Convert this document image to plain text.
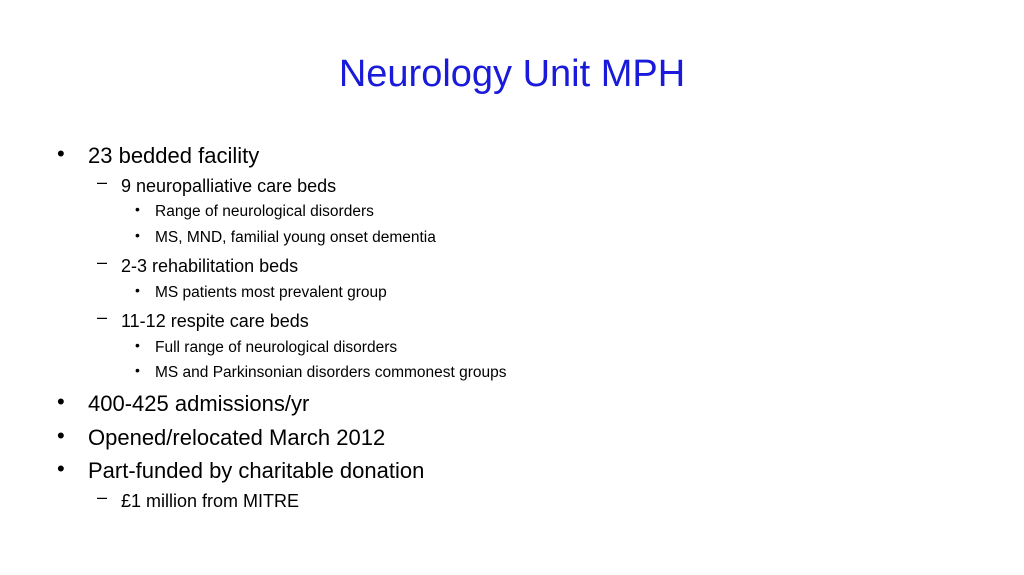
Neurology Unit MPH
• 23 bedded facility
– 9 neuropalliative care beds
• Range of neurological disorders
• MS, MND, familial young onset dementia
– 2-3 rehabilitation beds
• MS patients most prevalent group
– 11-12 respite care beds
• Full range of neurological disorders
• MS and Parkinsonian disorders commonest groups
• 400-425 admissions/yr
• Opened/relocated March 2012
• Part-funded by charitable donation
– £1 million from MITRE
